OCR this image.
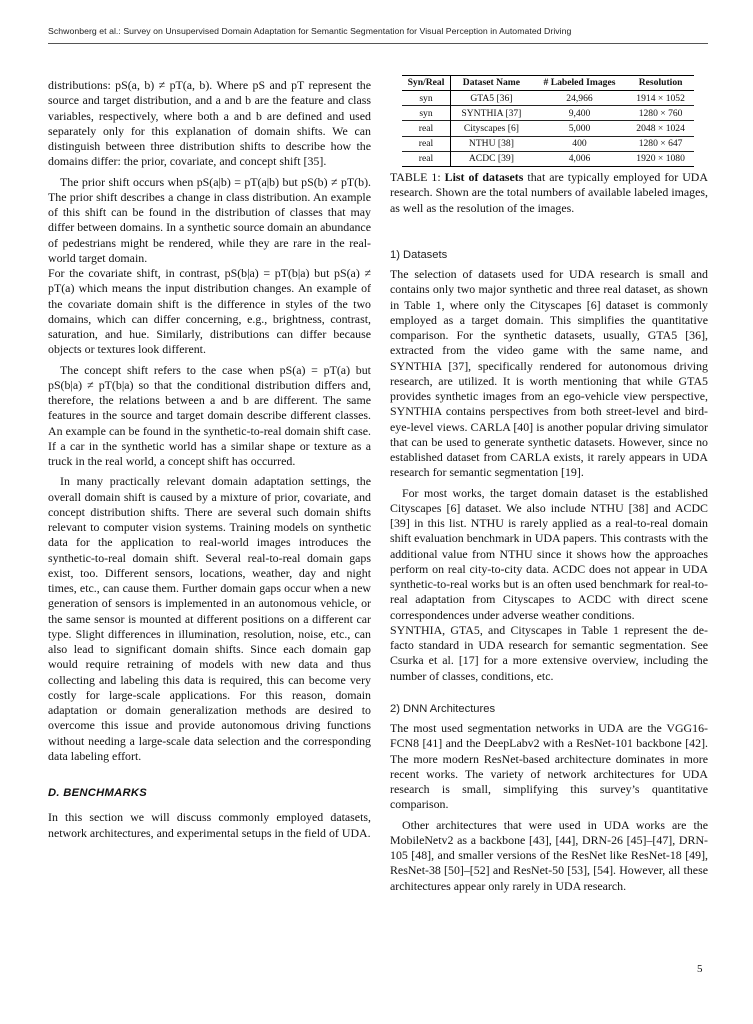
Schwonberg et al.: Survey on Unsupervised Domain Adaptation for Semantic Segmentation for Visual Perception in Automated Driving

distributions: pS(a, b) ≠ pT(a, b). Where pS and pT represent the source and target distribution, and a and b are the feature and class variables, respectively, where both a and b are defined and used separately only for this explanation of domain shifts. We can distinguish between three distribution shifts to describe how the domains differ: the prior, covariate, and concept shift [35].

The prior shift occurs when pS(a|b) = pT(a|b) but pS(b) ≠ pT(b). The prior shift describes a change in class distribution. An example of this shift can be found in the distribution of classes that may differ between domains. In a synthetic source domain an abundance of pedestrians might be rendered, while they are rare in the real-world target domain.

For the covariate shift, in contrast, pS(b|a) = pT(b|a) but pS(a) ≠ pT(a) which means the input distribution changes. An example of the covariate domain shift is the difference in styles of the two domains, which can differ concerning, e.g., brightness, contrast, saturation, and hue. Similarly, distributions can differ because objects or textures look different.

The concept shift refers to the case when pS(a) = pT(a) but pS(b|a) ≠ pT(b|a) so that the conditional distribution differs and, therefore, the relations between a and b are different. The same features in the source and target domain describe different classes. An example can be found in the synthetic-to-real domain shift case. If a car in the synthetic world has a similar shape or texture as a truck in the real world, a concept shift has occurred.

In many practically relevant domain adaptation settings, the overall domain shift is caused by a mixture of prior, covariate, and concept distribution shifts. There are several such domain shifts relevant to computer vision systems. Training models on synthetic data for the application to real-world images introduces the synthetic-to-real domain shift. Several real-to-real domain gaps exist, too. Different sensors, locations, weather, day and night times, etc., can cause them. Further domain gaps occur when a new generation of sensors is implemented in an autonomous vehicle, or the same sensor is mounted at different positions on a different car type. Slight differences in illumination, resolution, noise, etc., can also lead to significant domain shifts. Since each domain gap would require retraining of models with new data and thus collecting and labeling this data is required, this can become very costly for large-scale applications. For this reason, domain adaptation or domain generalization methods are desired to overcome this issue and provide autonomous driving functions without needing a large-scale data selection and the corresponding data labeling effort.

D. BENCHMARKS

In this section we will discuss commonly employed datasets, network architectures, and experimental setups in the field of UDA.

Syn/Real	Dataset Name	# Labeled Images	Resolution
syn	GTA5 [36]	24,966	1914 × 1052
syn	SYNTHIA [37]	9,400	1280 × 760
real	Cityscapes [6]	5,000	2048 × 1024
real	NTHU [38]	400	1280 × 647
real	ACDC [39]	4,006	1920 × 1080

TABLE 1: List of datasets that are typically employed for UDA research. Shown are the total numbers of available labeled images, as well as the resolution of the images.

1) Datasets

The selection of datasets used for UDA research is small and contains only two major synthetic and three real dataset, as shown in Table 1, where only the Cityscapes [6] dataset is commonly employed as a target domain. This simplifies the quantitative comparison. For the synthetic datasets, usually, GTA5 [36], extracted from the video game with the same name, and SYNTHIA [37], specifically rendered for autonomous driving research, are utilized. It is worth mentioning that while GTA5 provides synthetic images from an ego-vehicle view perspective, SYNTHIA contains perspectives from both street-level and bird-eye-level views. CARLA [40] is another popular driving simulator that can be used to generate synthetic datasets. However, since no established dataset from CARLA exists, it rarely appears in UDA research for semantic segmentation [19].

For most works, the target domain dataset is the established Cityscapes [6] dataset. We also include NTHU [38] and ACDC [39] in this list. NTHU is rarely applied as a real-to-real domain shift evaluation benchmark in UDA papers. This contrasts with the additional value from NTHU since it shows how the approaches perform on real city-to-city data. ACDC does not appear in UDA synthetic-to-real works but is an often used benchmark for real-to-real adaptation from Cityscapes to ACDC with direct scene correspondences under adverse weather conditions.

SYNTHIA, GTA5, and Cityscapes in Table 1 represent the de-facto standard in UDA research for semantic segmentation. See Csurka et al. [17] for a more extensive overview, including the number of classes, conditions, etc.

2) DNN Architectures

The most used segmentation networks in UDA are the VGG16-FCN8 [41] and the DeepLabv2 with a ResNet-101 backbone [42]. The more modern ResNet-based architecture dominates in more recent works. The variety of network architectures for UDA research is small, simplifying this survey’s quantitative comparison.

Other architectures that were used in UDA works are the MobileNetv2 as a backbone [43], [44], DRN-26 [45]–[47], DRN-105 [48], and smaller versions of the ResNet like ResNet-18 [49], ResNet-38 [50]–[52] and ResNet-50 [53], [54]. However, all these architectures appear only rarely in UDA research.

5
